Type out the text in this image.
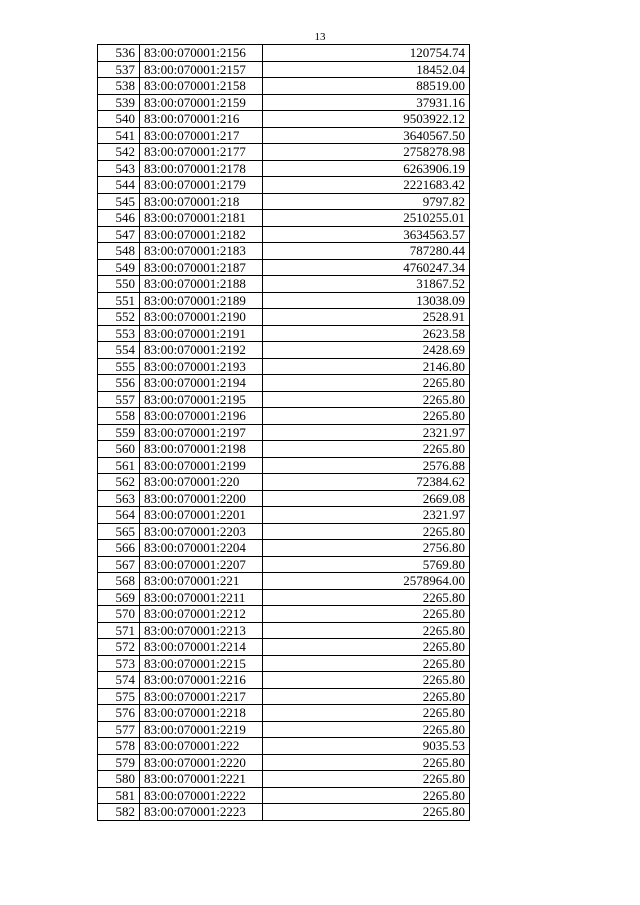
13
536	83:00:070001:2156	120754.74
537	83:00:070001:2157	18452.04
538	83:00:070001:2158	88519.00
539	83:00:070001:2159	37931.16
540	83:00:070001:216	9503922.12
541	83:00:070001:217	3640567.50
542	83:00:070001:2177	2758278.98
543	83:00:070001:2178	6263906.19
544	83:00:070001:2179	2221683.42
545	83:00:070001:218	9797.82
546	83:00:070001:2181	2510255.01
547	83:00:070001:2182	3634563.57
548	83:00:070001:2183	787280.44
549	83:00:070001:2187	4760247.34
550	83:00:070001:2188	31867.52
551	83:00:070001:2189	13038.09
552	83:00:070001:2190	2528.91
553	83:00:070001:2191	2623.58
554	83:00:070001:2192	2428.69
555	83:00:070001:2193	2146.80
556	83:00:070001:2194	2265.80
557	83:00:070001:2195	2265.80
558	83:00:070001:2196	2265.80
559	83:00:070001:2197	2321.97
560	83:00:070001:2198	2265.80
561	83:00:070001:2199	2576.88
562	83:00:070001:220	72384.62
563	83:00:070001:2200	2669.08
564	83:00:070001:2201	2321.97
565	83:00:070001:2203	2265.80
566	83:00:070001:2204	2756.80
567	83:00:070001:2207	5769.80
568	83:00:070001:221	2578964.00
569	83:00:070001:2211	2265.80
570	83:00:070001:2212	2265.80
571	83:00:070001:2213	2265.80
572	83:00:070001:2214	2265.80
573	83:00:070001:2215	2265.80
574	83:00:070001:2216	2265.80
575	83:00:070001:2217	2265.80
576	83:00:070001:2218	2265.80
577	83:00:070001:2219	2265.80
578	83:00:070001:222	9035.53
579	83:00:070001:2220	2265.80
580	83:00:070001:2221	2265.80
581	83:00:070001:2222	2265.80
582	83:00:070001:2223	2265.80
